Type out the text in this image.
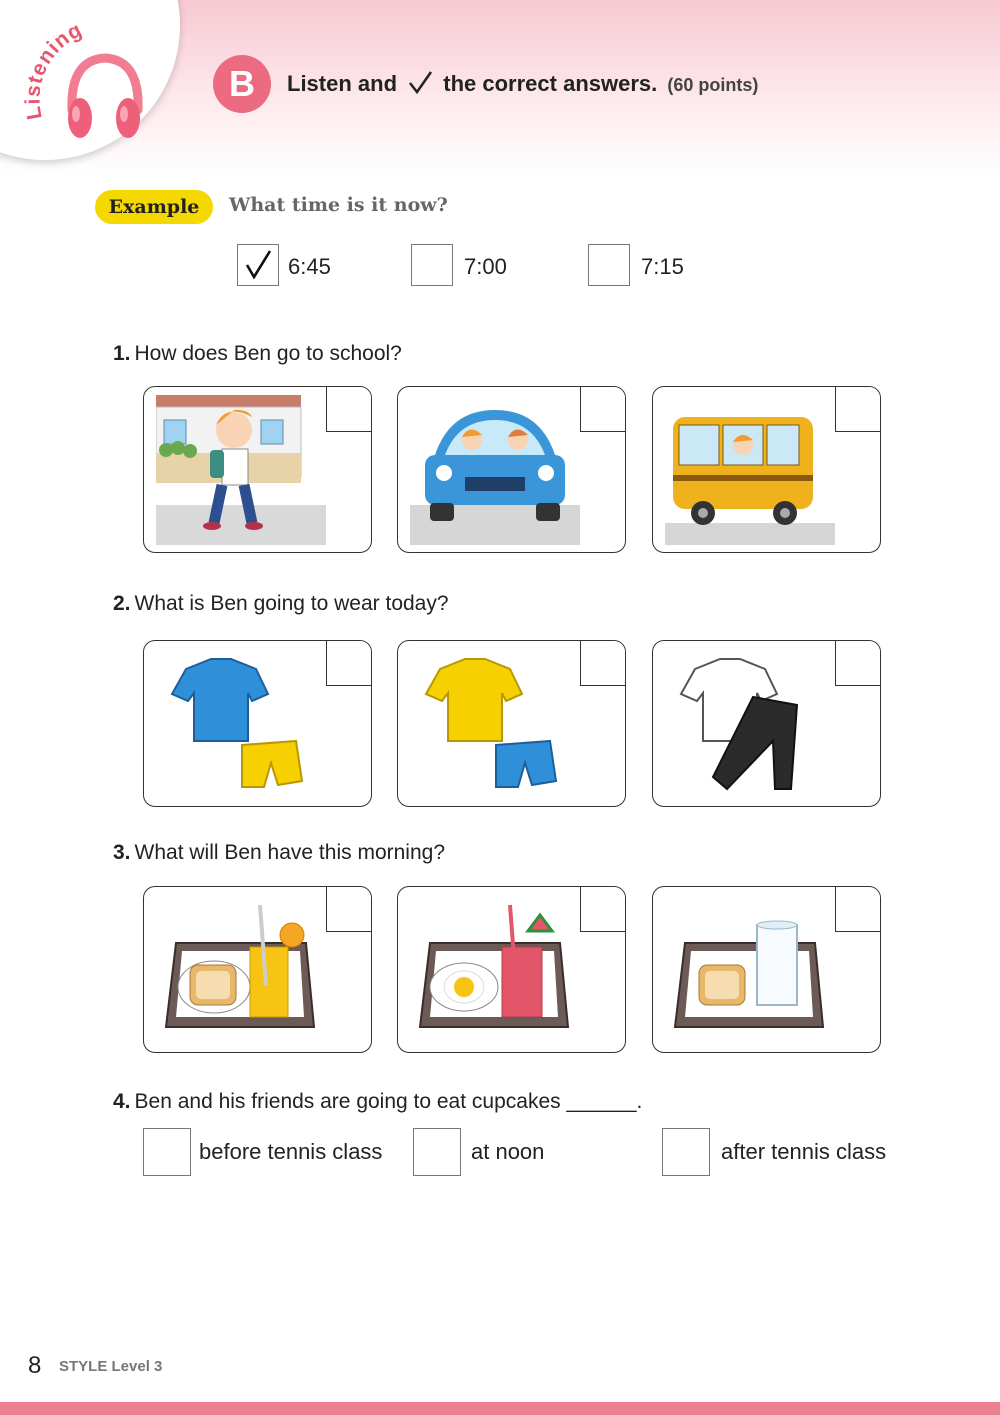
Listening
B	Listen and the correct answers. (60 points)
Example	What time is it now?
6:45	7:00	7:15
1. How does Ben go to school?
2. What is Ben going to wear today?
3. What will Ben have this morning?
4. Ben and his friends are going to eat cupcakes ______.
before tennis class	at noon	after tennis class
8 STYLE Level 3
